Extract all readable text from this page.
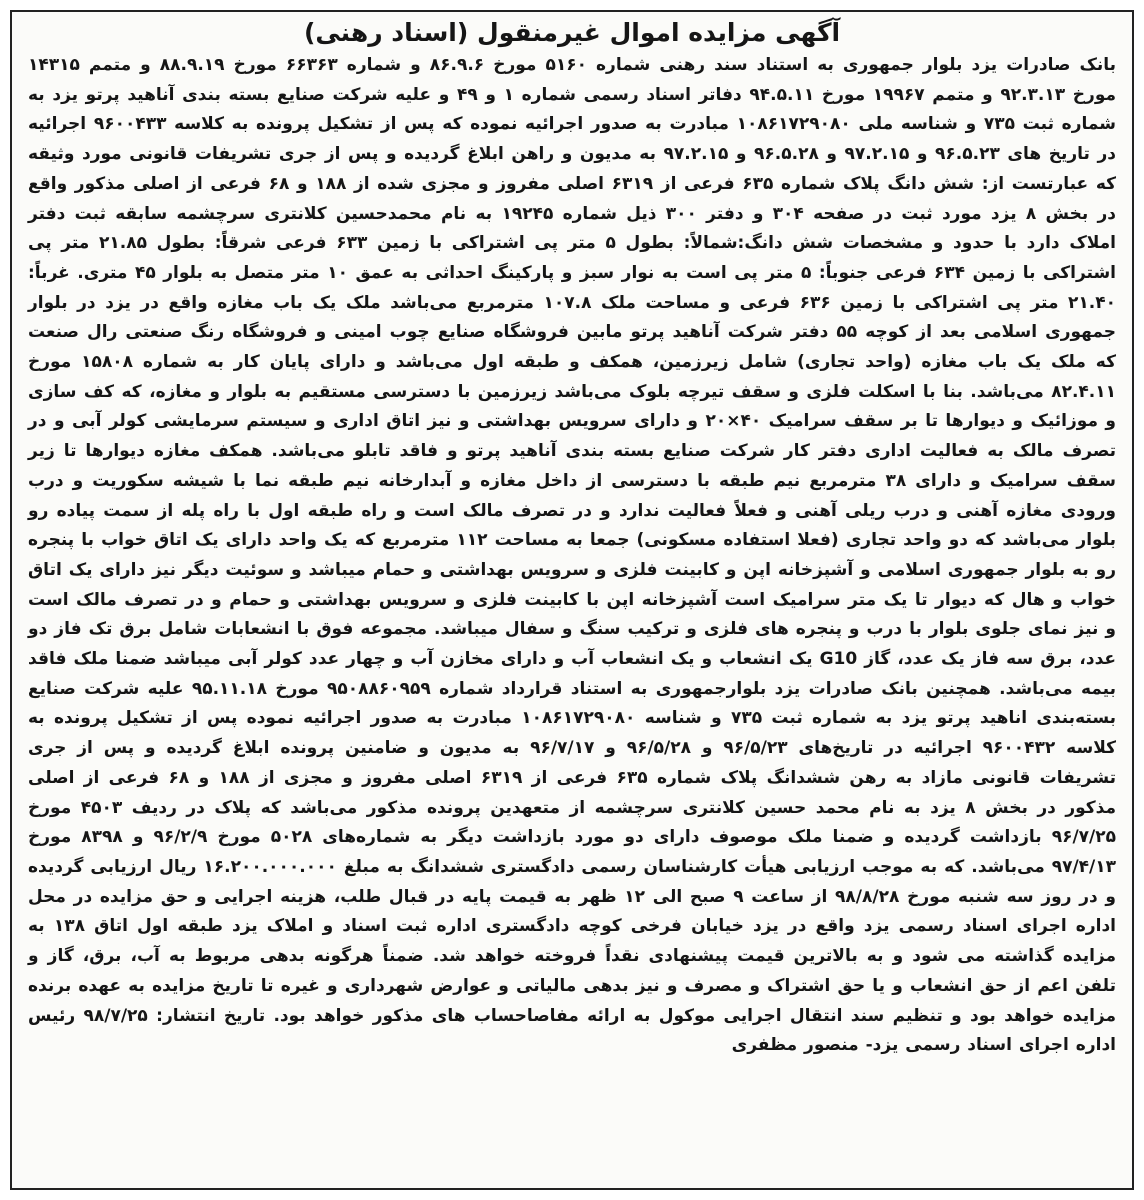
آگهی مزایده اموال غیرمنقول (اسناد رهنی)

بانک صادرات یزد بلوار جمهوری به استناد سند رهنی شماره ۵۱۶۰ مورخ ۸۶.۹.۶ و شماره ۶۶۳۶۳ مورخ ۸۸.۹.۱۹ و متمم ۱۴۳۱۵ مورخ ۹۲.۳.۱۳ و متمم ۱۹۹۶۷ مورخ ۹۴.۵.۱۱ دفاتر اسناد رسمی شماره ۱ و ۴۹ و علیه شرکت صنایع بسته بندی آناهید پرتو یزد به شماره ثبت ۷۳۵ و شناسه ملی ۱۰۸۶۱۷۲۹۰۸۰ مبادرت به صدور اجرائیه نموده که پس از تشکیل پرونده به کلاسه ۹۶۰۰۴۳۳ اجرائیه در تاریخ های ۹۶.۵.۲۳ و ۹۷.۲.۱۵ و ۹۶.۵.۲۸ و ۹۷.۲.۱۵ به مدیون و راهن ابلاغ گردیده و پس از جری تشریفات قانونی مورد وثیقه که عبارتست از: شش دانگ پلاک شماره ۶۳۵ فرعی از ۶۳۱۹ اصلی مفروز و مجزی شده از ۱۸۸ و ۶۸ فرعی از اصلی مذکور واقع در بخش ۸ یزد مورد ثبت در صفحه ۳۰۴ و دفتر ۳۰۰ ذیل شماره ۱۹۲۴۵ به نام محمدحسین کلانتری سرچشمه سابقه ثبت دفتر املاک دارد با حدود و مشخصات شش دانگ:شمالاً: بطول ۵ متر پی اشتراکی با زمین ۶۳۳ فرعی شرقاً: بطول ۲۱.۸۵ متر پی اشتراکی با زمین ۶۳۴ فرعی جنوباً: ۵ متر پی است به نوار سبز و پارکینگ احداثی به عمق ۱۰ متر متصل به بلوار ۴۵ متری. غرباً: ۲۱.۴۰ متر پی اشتراکی با زمین ۶۳۶ فرعی و مساحت ملک ۱۰۷.۸ مترمربع می‌باشد ملک یک باب مغازه واقع در یزد در بلوار جمهوری اسلامی بعد از کوچه ۵۵ دفتر شرکت آناهید پرتو مابین فروشگاه صنایع چوب امینی و فروشگاه رنگ صنعتی رال صنعت که ملک یک باب مغازه (واحد تجاری) شامل زیرزمین، همکف و طبقه اول می‌باشد و دارای پایان کار به شماره ۱۵۸۰۸ مورخ ۸۲.۴.۱۱ می‌باشد. بنا با اسکلت فلزی و سقف تیرچه بلوک می‌باشد زیرزمین با دسترسی مستقیم به بلوار و مغازه، که کف سازی و موزائیک و دیوارها تا بر سقف سرامیک ۴۰×۲۰ و دارای سرویس بهداشتی و نیز اتاق اداری و سیستم سرمایشی کولر آبی و در تصرف مالک به فعالیت اداری دفتر کار شرکت صنایع بسته بندی آناهید پرتو و فاقد تابلو می‌باشد. همکف مغازه دیوارها تا زیر سقف سرامیک و دارای ۳۸ مترمربع نیم طبقه با دسترسی از داخل مغازه و آبدارخانه نیم طبقه نما با شیشه سکوریت و درب ورودی مغازه آهنی و درب ریلی آهنی و فعلاً فعالیت ندارد و در تصرف مالک است و راه طبقه اول با راه پله از سمت پیاده رو بلوار می‌باشد که دو واحد تجاری (فعلا استفاده مسکونی) جمعا به مساحت ۱۱۲ مترمربع که یک واحد دارای یک اتاق خواب با پنجره رو به بلوار جمهوری اسلامی و آشپزخانه اپن و کابینت فلزی و سرویس بهداشتی و حمام میباشد و سوئیت دیگر نیز دارای یک اتاق خواب و هال که دیوار تا یک متر سرامیک است آشپزخانه اپن با کابینت فلزی و سرویس بهداشتی و حمام و در تصرف مالک است و نیز نمای جلوی بلوار با درب و پنجره های فلزی و ترکیب سنگ و سفال میباشد. مجموعه فوق با انشعابات شامل برق تک فاز دو عدد، برق سه فاز یک عدد، گاز G10 یک انشعاب و یک انشعاب آب و دارای مخازن آب و چهار عدد کولر آبی میباشد ضمنا ملک فاقد بیمه می‌باشد. همچنین بانک صادرات یزد بلوارجمهوری به استناد قرارداد شماره ۹۵۰۸۸۶۰۹۵۹ مورخ ۹۵.۱۱.۱۸ علیه شرکت صنایع بسته‌بندی اناهید پرتو یزد به شماره ثبت ۷۳۵ و شناسه ۱۰۸۶۱۷۲۹۰۸۰ مبادرت به صدور اجرائیه نموده پس از تشکیل پرونده به کلاسه ۹۶۰۰۴۳۲ اجرائیه در تاریخ‌های ۹۶/۵/۲۳ و ۹۶/۵/۲۸ و ۹۶/۷/۱۷ به مدیون و ضامنین پرونده ابلاغ گردیده و پس از جری تشریفات قانونی مازاد به رهن ششدانگ پلاک شماره ۶۳۵ فرعی از ۶۳۱۹ اصلی مفروز و مجزی از ۱۸۸ و ۶۸ فرعی از اصلی مذکور در بخش ۸ یزد به نام محمد حسین کلانتری سرچشمه از متعهدین پرونده مذکور می‌باشد که پلاک در ردیف ۴۵۰۳ مورخ ۹۶/۷/۲۵ بازداشت گردیده و ضمنا ملک موصوف دارای دو مورد بازداشت دیگر به شماره‌های ۵۰۲۸ مورخ ۹۶/۲/۹ و ۸۳۹۸ مورخ ۹۷/۴/۱۳ می‌باشد. که به موجب ارزیابی هیأت کارشناسان رسمی دادگستری ششدانگ به مبلغ ۱۶.۲۰۰.۰۰۰.۰۰۰ ریال ارزیابی گردیده و در روز سه شنبه مورخ ۹۸/۸/۲۸ از ساعت ۹ صبح الی ۱۲ ظهر به قیمت پایه در قبال طلب، هزینه اجرایی و حق مزایده در محل اداره اجرای اسناد رسمی یزد واقع در یزد خیابان فرخی کوچه دادگستری اداره ثبت اسناد و املاک یزد طبقه اول اتاق ۱۳۸ به مزایده گذاشته می شود و به بالاترین قیمت پیشنهادی نقداً فروخته خواهد شد. ضمناً هرگونه بدهی مربوط به آب، برق، گاز و تلفن اعم از حق انشعاب و یا حق اشتراک و مصرف و نیز بدهی مالیاتی و عوارض شهرداری و غیره تا تاریخ مزایده به عهده برنده مزایده خواهد بود و تنظیم سند انتقال اجرایی موکول به ارائه مفاصاحساب های مذکور خواهد بود. تاریخ انتشار: ۹۸/۷/۲۵ رئیس اداره اجرای اسناد رسمی یزد- منصور مظفری
